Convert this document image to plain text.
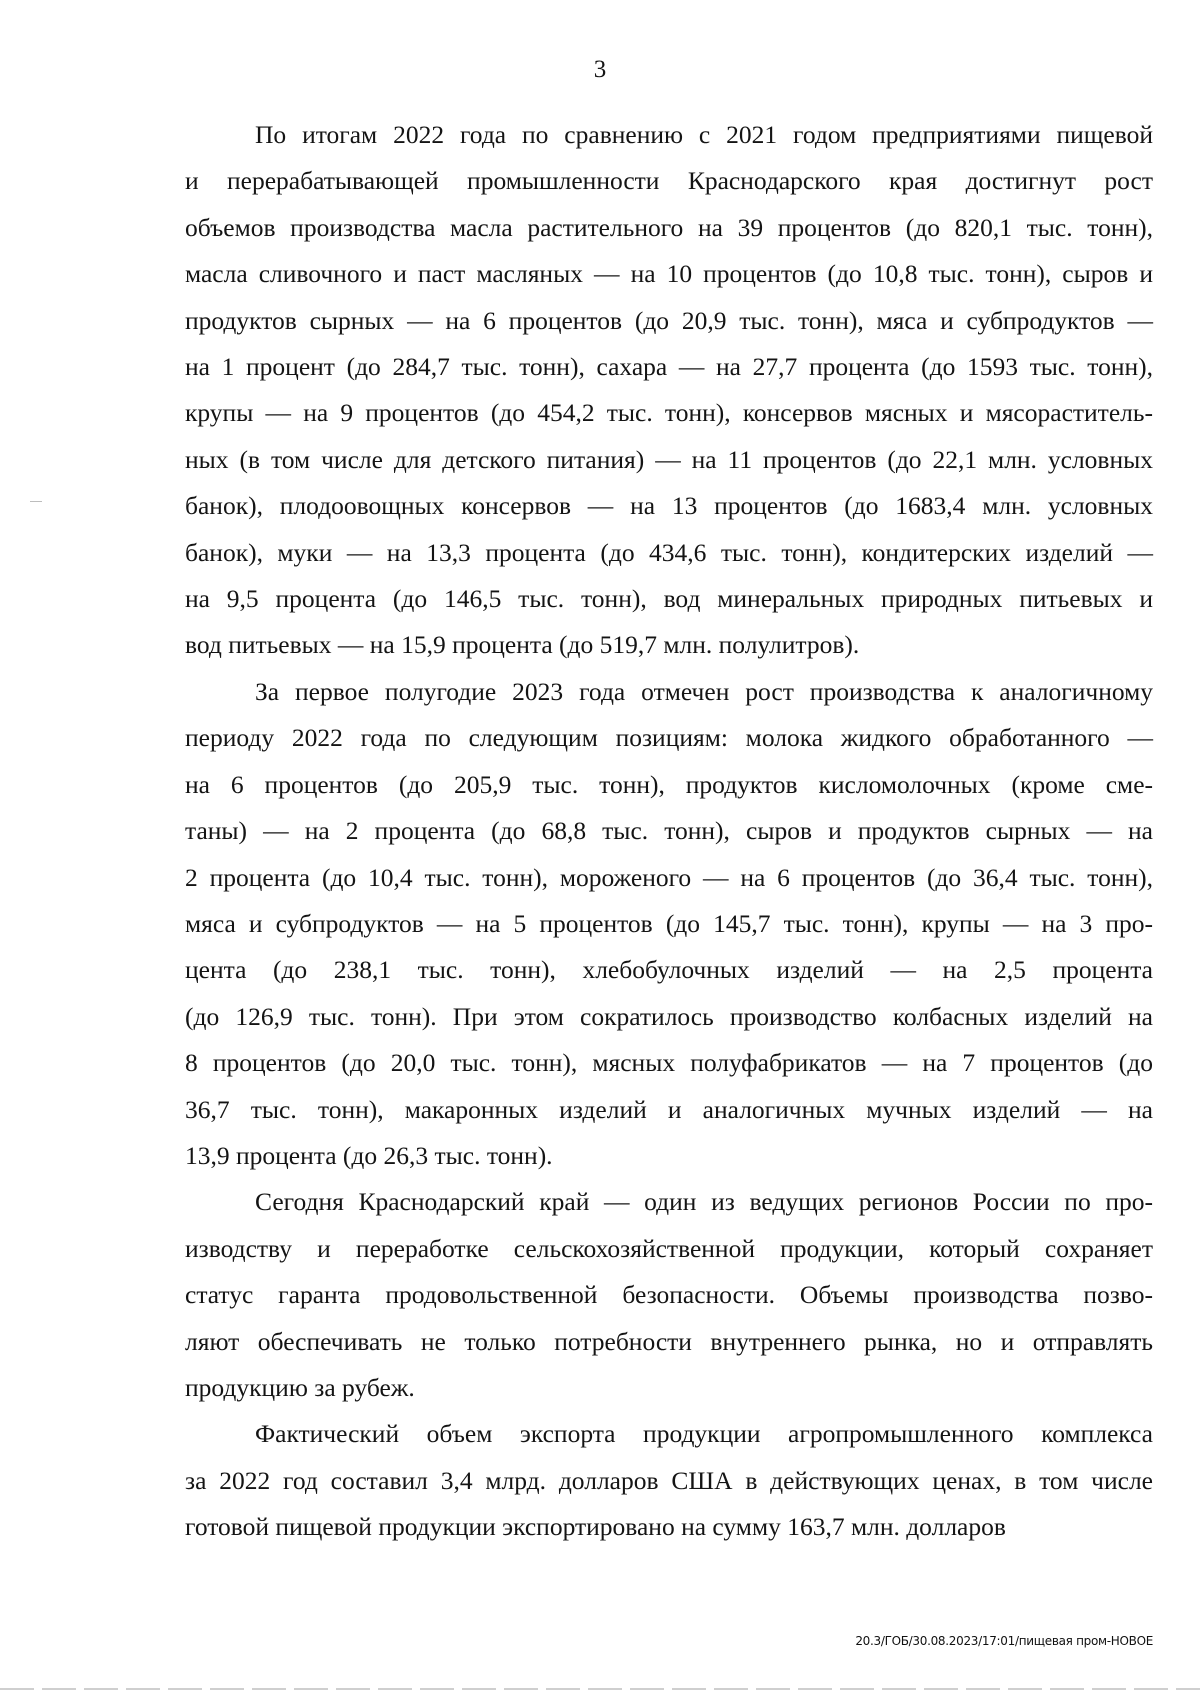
3
По итогам 2022 года по сравнению с 2021 годом предприятиями пищевой
и перерабатывающей промышленности Краснодарского края достигнут рост
объемов производства масла растительного на 39 процентов (до 820,1 тыс. тонн),
масла сливочного и паст масляных — на 10 процентов (до 10,8 тыс. тонн), сыров и
продуктов сырных — на 6 процентов (до 20,9 тыс. тонн), мяса и субпродуктов —
на 1 процент (до 284,7 тыс. тонн), сахара — на 27,7 процента (до 1593 тыс. тонн),
крупы — на 9 процентов (до 454,2 тыс. тонн), консервов мясных и мясораститель-
ных (в том числе для детского питания) — на 11 процентов (до 22,1 млн. условных
банок), плодоовощных консервов — на 13 процентов (до 1683,4 млн. условных
банок), муки — на 13,3 процента (до 434,6 тыс. тонн), кондитерских изделий —
на 9,5 процента (до 146,5 тыс. тонн), вод минеральных природных питьевых и
вод питьевых — на 15,9 процента (до 519,7 млн. полулитров).
За первое полугодие 2023 года отмечен рост производства к аналогичному
периоду 2022 года по следующим позициям: молока жидкого обработанного —
на 6 процентов (до 205,9 тыс. тонн), продуктов кисломолочных (кроме сме-
таны) — на 2 процента (до 68,8 тыс. тонн), сыров и продуктов сырных — на
2 процента (до 10,4 тыс. тонн), мороженого — на 6 процентов (до 36,4 тыс. тонн),
мяса и субпродуктов — на 5 процентов (до 145,7 тыс. тонн), крупы — на 3 про-
цента (до 238,1 тыс. тонн), хлебобулочных изделий — на 2,5 процента
(до 126,9 тыс. тонн). При этом сократилось производство колбасных изделий на
8 процентов (до 20,0 тыс. тонн), мясных полуфабрикатов — на 7 процентов (до
36,7 тыс. тонн), макаронных изделий и аналогичных мучных изделий — на
13,9 процента (до 26,3 тыс. тонн).
Сегодня Краснодарский край — один из ведущих регионов России по про-
изводству и переработке сельскохозяйственной продукции, который сохраняет
статус гаранта продовольственной безопасности. Объемы производства позво-
ляют обеспечивать не только потребности внутреннего рынка, но и отправлять
продукцию за рубеж.
Фактический объем экспорта продукции агропромышленного комплекса
за 2022 год составил 3,4 млрд. долларов США в действующих ценах, в том числе
готовой пищевой продукции экспортировано на сумму 163,7 млн. долларов
20.3/ГОБ/30.08.2023/17:01/пищевая пром-НОВОЕ
